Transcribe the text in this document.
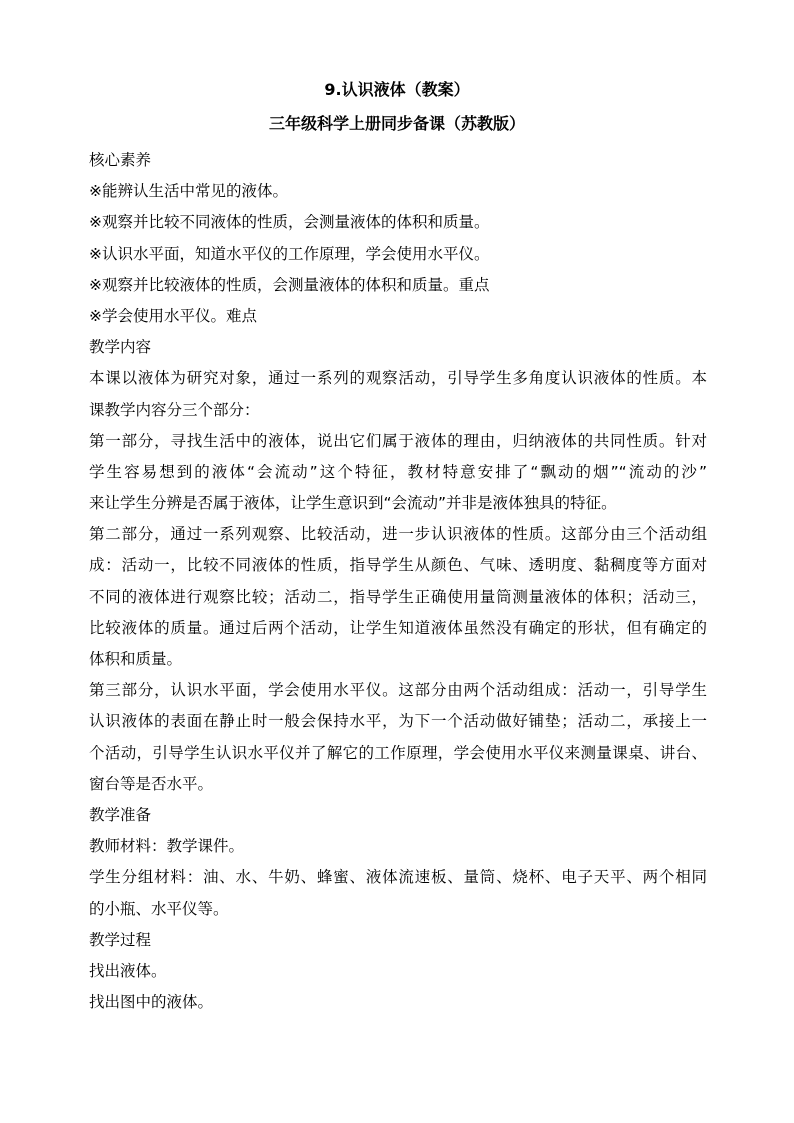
9.认识液体（教案）
三年级科学上册同步备课（苏教版）
核心素养
※能辨认生活中常见的液体。
※观察并比较不同液体的性质，会测量液体的体积和质量。
※认识水平面，知道水平仪的工作原理，学会使用水平仪。
※观察并比较液体的性质，会测量液体的体积和质量。重点
※学会使用水平仪。难点
教学内容
本课以液体为研究对象，通过一系列的观察活动，引导学生多角度认识液体的性质。本
课教学内容分三个部分：
第一部分，寻找生活中的液体，说出它们属于液体的理由，归纳液体的共同性质。针对
学生容易想到的液体“会流动”这个特征，教材特意安排了“飘动的烟”“流动的沙”
来让学生分辨是否属于液体，让学生意识到“会流动”并非是液体独具的特征。
第二部分，通过一系列观察、比较活动，进一步认识液体的性质。这部分由三个活动组
成：活动一，比较不同液体的性质，指导学生从颜色、气味、透明度、黏稠度等方面对
不同的液体进行观察比较；活动二，指导学生正确使用量筒测量液体的体积；活动三，
比较液体的质量。通过后两个活动，让学生知道液体虽然没有确定的形状，但有确定的
体积和质量。
第三部分，认识水平面，学会使用水平仪。这部分由两个活动组成：活动一，引导学生
认识液体的表面在静止时一般会保持水平，为下一个活动做好铺垫；活动二，承接上一
个活动，引导学生认识水平仪并了解它的工作原理，学会使用水平仪来测量课桌、讲台、
窗台等是否水平。
教学准备
教师材料：教学课件。
学生分组材料：油、水、牛奶、蜂蜜、液体流速板、量筒、烧杯、电子天平、两个相同
的小瓶、水平仪等。
教学过程
找出液体。
找出图中的液体。
